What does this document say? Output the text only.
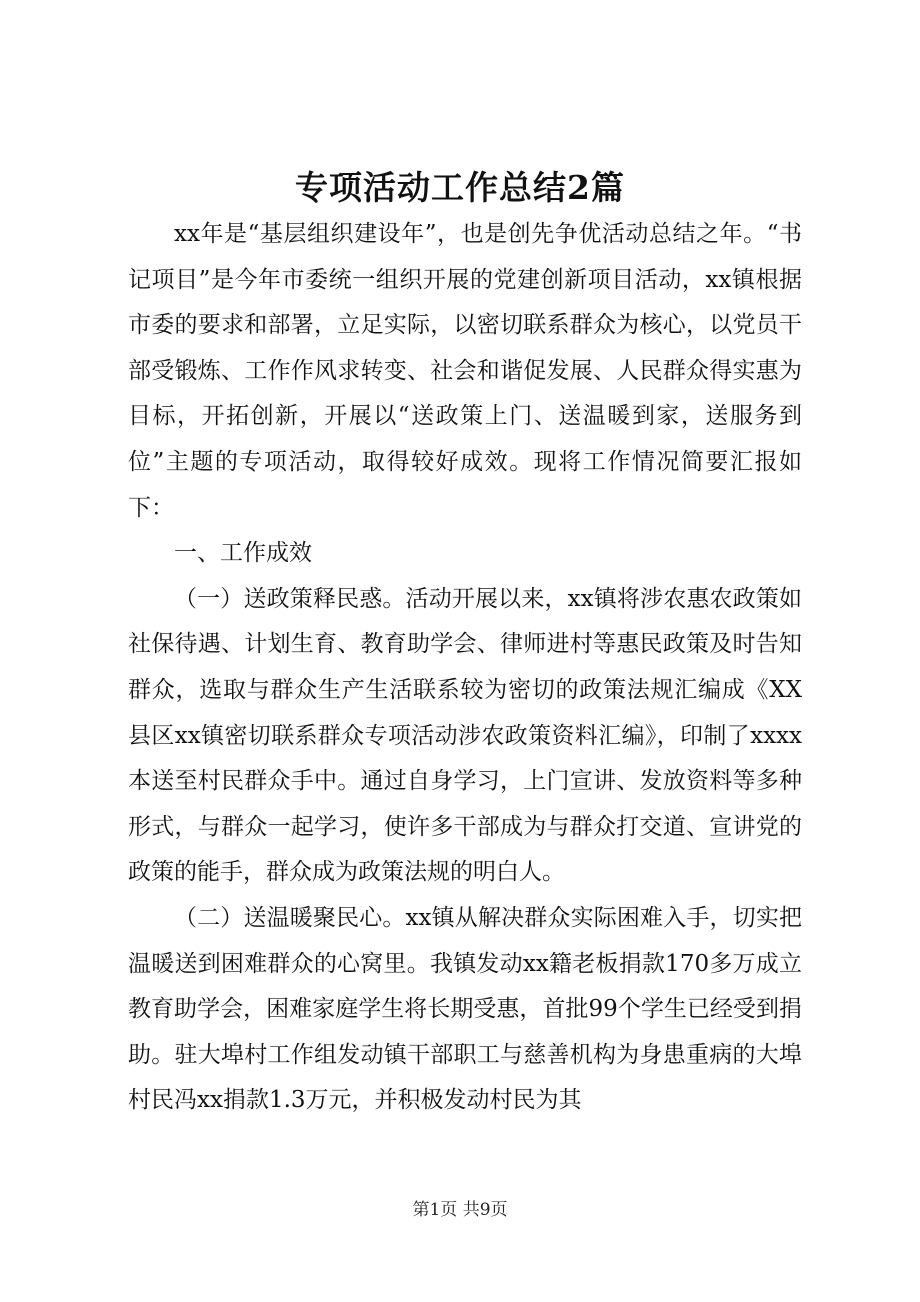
专项活动工作总结2篇

xx年是“基层组织建设年”，也是创先争优活动总结之年。“书记项目”是今年市委统一组织开展的党建创新项目活动，xx镇根据市委的要求和部署，立足实际，以密切联系群众为核心，以党员干部受锻炼、工作作风求转变、社会和谐促发展、人民群众得实惠为目标，开拓创新，开展以“送政策上门、送温暖到家，送服务到位”主题的专项活动，取得较好成效。现将工作情况简要汇报如下：

一、工作成效

（一）送政策释民惑。活动开展以来，xx镇将涉农惠农政策如社保待遇、计划生育、教育助学会、律师进村等惠民政策及时告知群众，选取与群众生产生活联系较为密切的政策法规汇编成《XX县区xx镇密切联系群众专项活动涉农政策资料汇编》，印制了xxxx本送至村民群众手中。通过自身学习，上门宣讲、发放资料等多种形式，与群众一起学习，使许多干部成为与群众打交道、宣讲党的政策的能手，群众成为政策法规的明白人。

（二）送温暖聚民心。xx镇从解决群众实际困难入手，切实把温暖送到困难群众的心窝里。我镇发动xx籍老板捐款170多万成立教育助学会，困难家庭学生将长期受惠，首批99个学生已经受到捐助。驻大埠村工作组发动镇干部职工与慈善机构为身患重病的大埠村民冯xx捐款1.3万元，并积极发动村民为其

第1页 共9页
